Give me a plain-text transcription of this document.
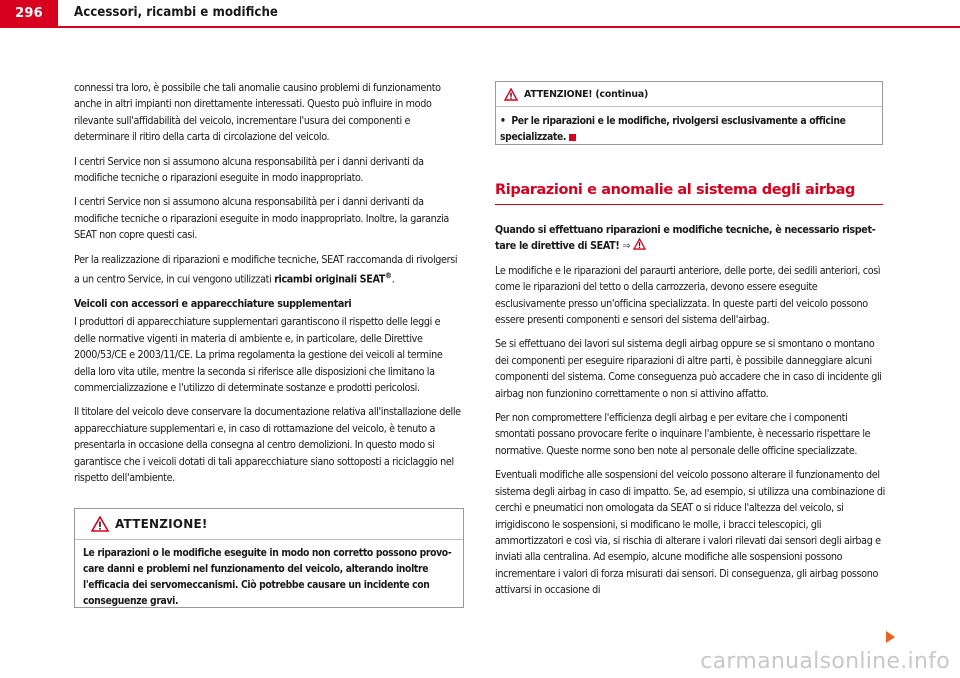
296	Accessori, ricambi e modifiche

connessi tra loro, è possibile che tali anomalie causino problemi di funzionamento anche in altri impianti non direttamente interessati. Questo può influire in modo rilevante sull'affidabilità del veicolo, incrementare l'usura dei componenti e determinare il ritiro della carta di circolazione del veicolo.

I centri Service non si assumono alcuna responsabilità per i danni derivanti da modifiche tecniche o riparazioni eseguite in modo inappropriato.

I centri Service non si assumono alcuna responsabilità per i danni derivanti da modifiche tecniche o riparazioni eseguite in modo inappropriato. Inoltre, la garanzia SEAT non copre questi casi.

Per la realizzazione di riparazioni e modifiche tecniche, SEAT raccomanda di rivolgersi a un centro Service, in cui vengono utilizzati ricambi originali SEAT®.

Veicoli con accessori e apparecchiature supplementari

I produttori di apparecchiature supplementari garantiscono il rispetto delle leggi e delle normative vigenti in materia di ambiente e, in particolare, delle Direttive 2000/53/CE e 2003/11/CE. La prima regolamenta la gestione dei veicoli al termine della loro vita utile, mentre la seconda si riferisce alle disposizioni che limitano la commercializzazione e l'utilizzo di determinate sostanze e prodotti pericolosi.

Il titolare del veicolo deve conservare la documentazione relativa all'installazione delle apparecchiature supplementari e, in caso di rottamazione del veicolo, è tenuto a presentarla in occasione della consegna al centro demolizioni. In questo modo si garantisce che i veicoli dotati di tali apparecchiature siano sottoposti a riciclaggio nel rispetto dell'ambiente.

ATTENZIONE!
Le riparazioni o le modifiche eseguite in modo non corretto possono provocare danni e problemi nel funzionamento del veicolo, alterando inoltre l'efficacia dei servomeccanismi. Ciò potrebbe causare un incidente con conseguenze gravi.
ATTENZIONE! (continua)
• Per le riparazioni e le modifiche, rivolgersi esclusivamente a officine specializzate.
Riparazioni e anomalie al sistema degli airbag

Quando si effettuano riparazioni e modifiche tecniche, è necessario rispettare le direttive di SEAT! ⇒

Le modifiche e le riparazioni del paraurti anteriore, delle porte, dei sedili anteriori, così come le riparazioni del tetto o della carrozzeria, devono essere eseguite esclusivamente presso un'officina specializzata. In queste parti del veicolo possono essere presenti componenti e sensori del sistema dell'airbag.

Se si effettuano dei lavori sul sistema degli airbag oppure se si smontano o montano dei componenti per eseguire riparazioni di altre parti, è possibile danneggiare alcuni componenti del sistema. Come conseguenza può accadere che in caso di incidente gli airbag non funzionino correttamente o non si attivino affatto.

Per non compromettere l'efficienza degli airbag e per evitare che i componenti smontati possano provocare ferite o inquinare l'ambiente, è necessario rispettare le normative. Queste norme sono ben note al personale delle officine specializzate.

Eventuali modifiche alle sospensioni del veicolo possono alterare il funzionamento del sistema degli airbag in caso di impatto. Se, ad esempio, si utilizza una combinazione di cerchi e pneumatici non omologata da SEAT o si riduce l'altezza del veicolo, si irrigidiscono le sospensioni, si modificano le molle, i bracci telescopici, gli ammortizzatori e così via, si rischia di alterare i valori rilevati dai sensori degli airbag e inviati alla centralina. Ad esempio, alcune modifiche alle sospensioni possono incrementare i valori di forza misurati dai sensori. Di conseguenza, gli airbag possono attivarsi in occasione di

carmanualsonline.info
